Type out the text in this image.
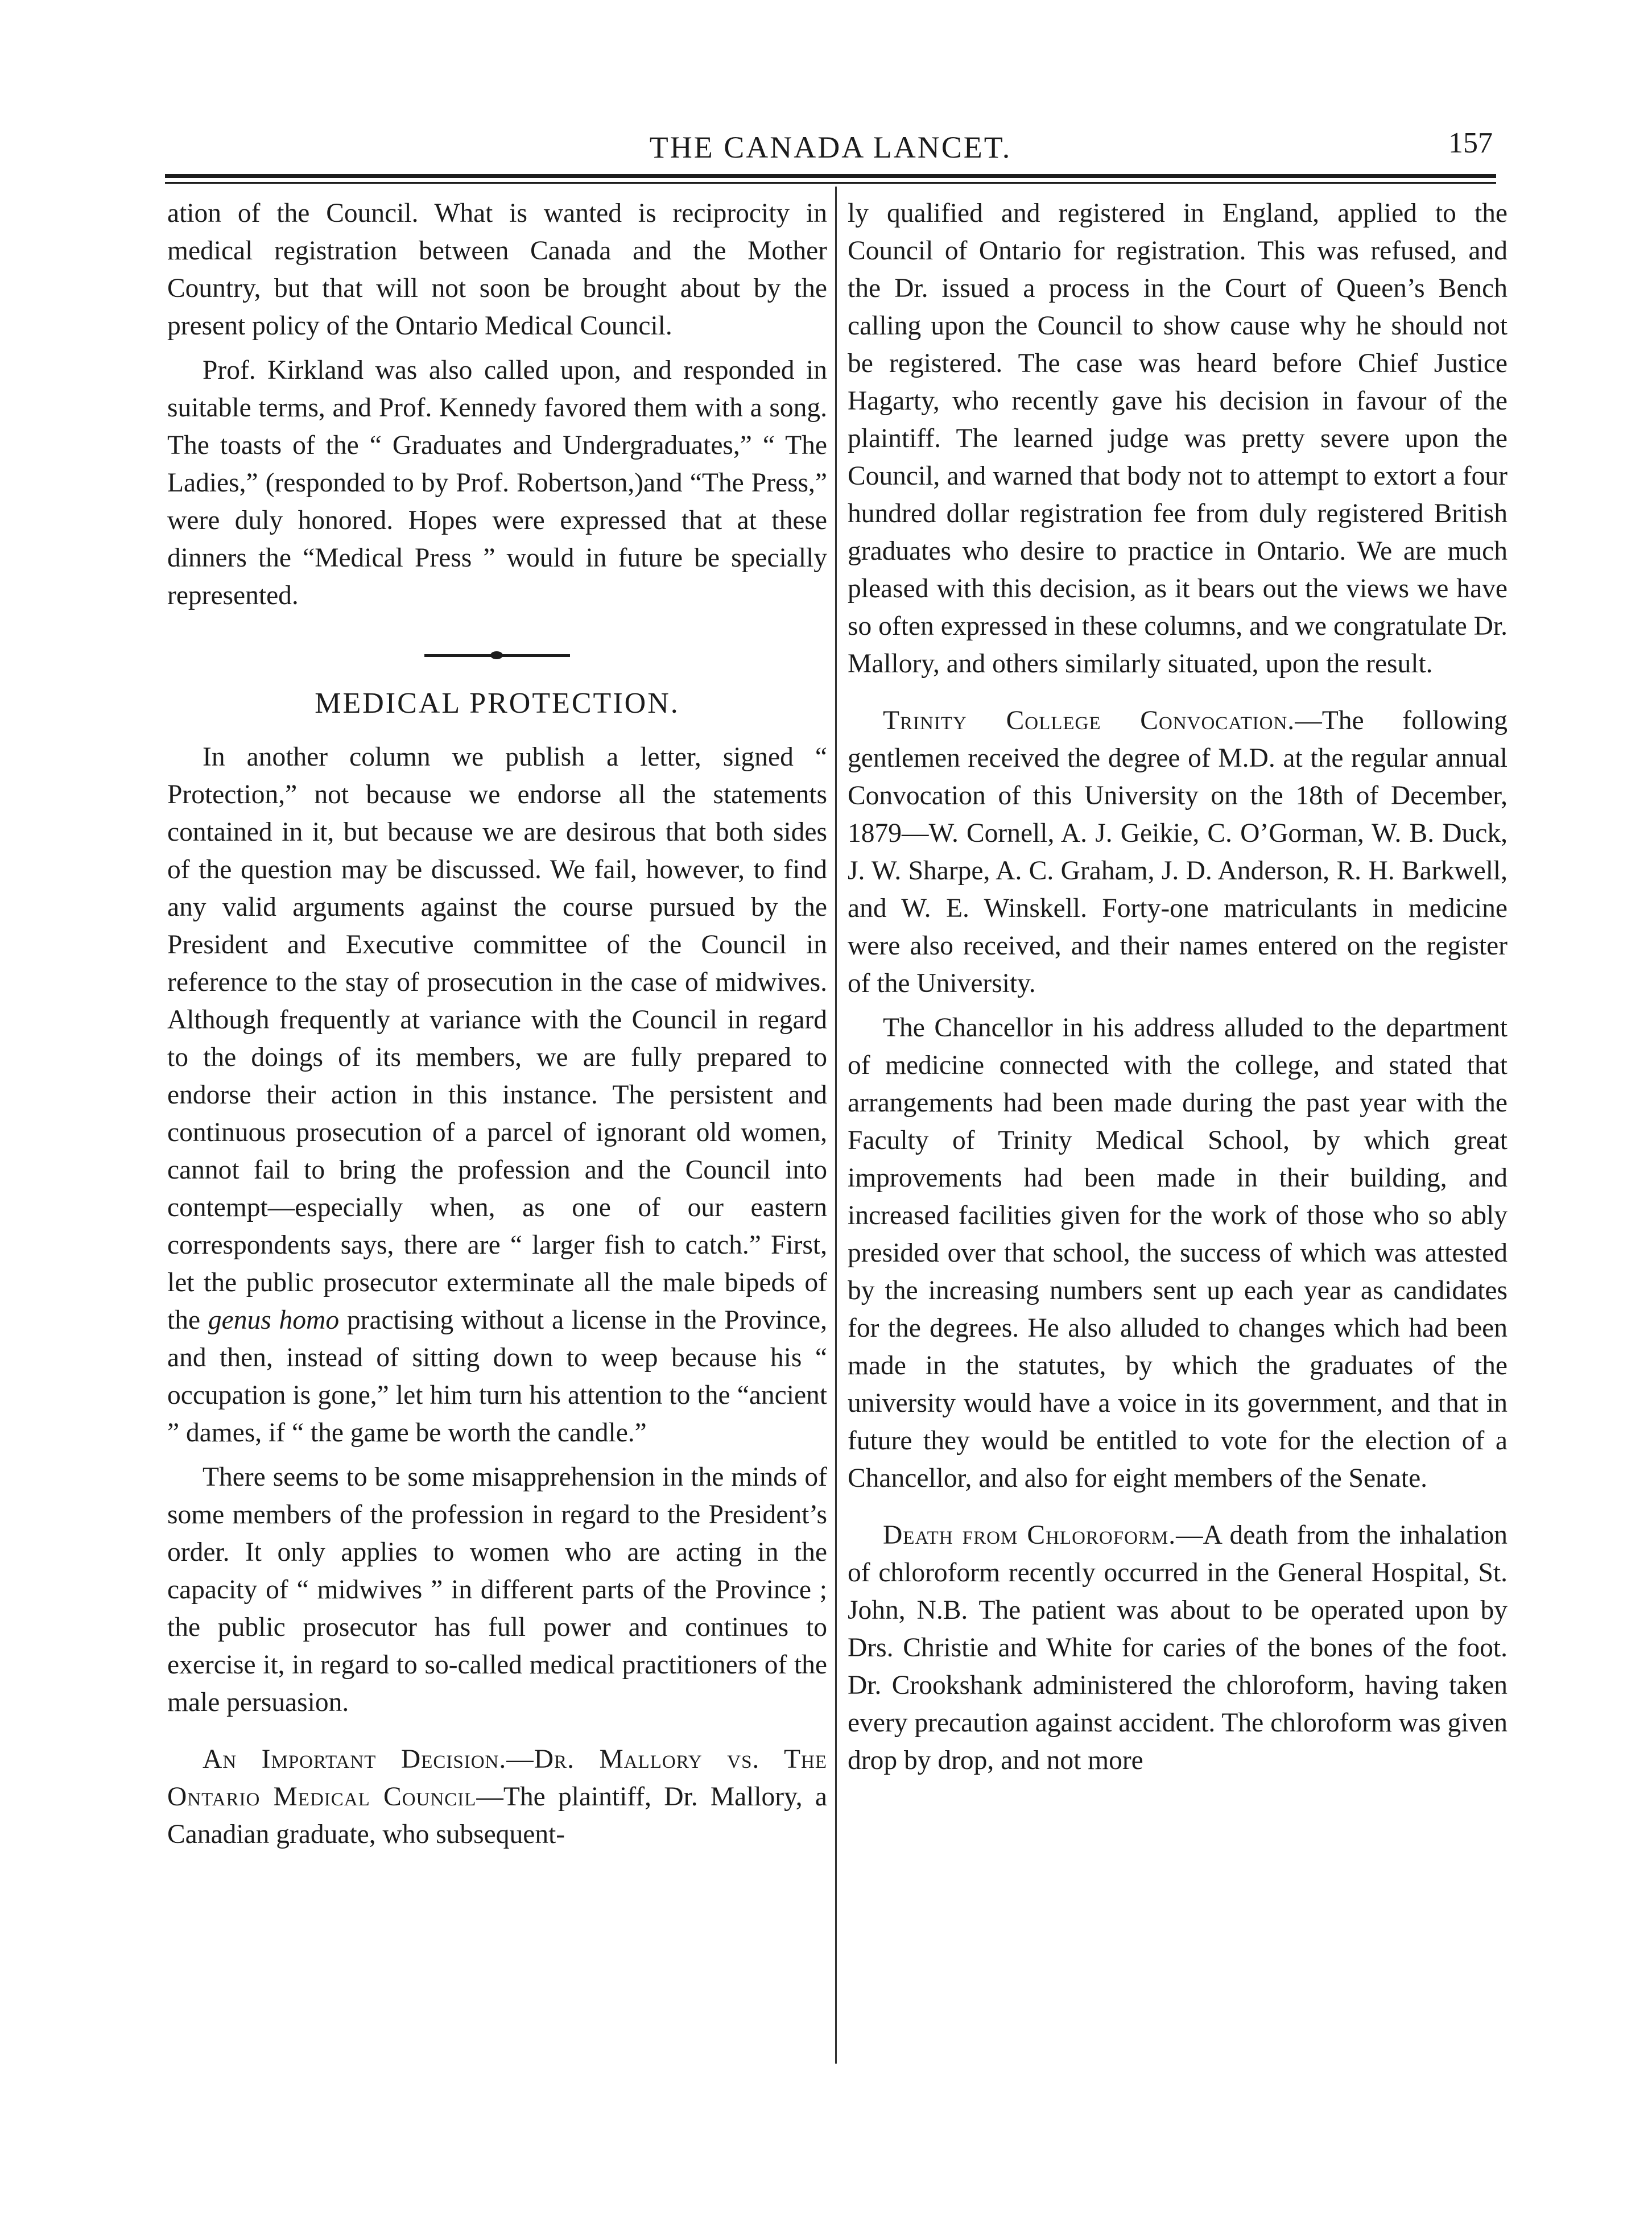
THE CANADA LANCET.	157

ation of the Council. What is wanted is reciprocity in medical registration between Canada and the Mother Country, but that will not soon be brought about by the present policy of the Ontario Medical Council.

Prof. Kirkland was also called upon, and responded in suitable terms, and Prof. Kennedy favored them with a song. The toasts of the “ Graduates and Undergraduates,” “ The Ladies,” (responded to by Prof. Robertson,)and “The Press,” were duly honored. Hopes were expressed that at these dinners the “Medical Press ” would in future be specially represented.

MEDICAL PROTECTION.

In another column we publish a letter, signed “ Protection,” not because we endorse all the statements contained in it, but because we are desirous that both sides of the question may be discussed. We fail, however, to find any valid arguments against the course pursued by the President and Executive committee of the Council in reference to the stay of prosecution in the case of midwives. Although frequently at variance with the Council in regard to the doings of its members, we are fully prepared to endorse their action in this instance. The persistent and continuous prosecution of a parcel of ignorant old women, cannot fail to bring the profession and the Council into contempt—especially when, as one of our eastern correspondents says, there are “ larger fish to catch.” First, let the public prosecutor exterminate all the male bipeds of the genus homo practising without a license in the Province, and then, instead of sitting down to weep because his “ occupation is gone,” let him turn his attention to the “ancient ” dames, if “ the game be worth the candle.”

There seems to be some misapprehension in the minds of some members of the profession in regard to the President’s order. It only applies to women who are acting in the capacity of “ midwives ” in different parts of the Province ; the public prosecutor has full power and continues to exercise it, in regard to so-called medical practitioners of the male persuasion.

An Important Decision.—Dr. Mallory vs. The Ontario Medical Council—The plaintiff, Dr. Mallory, a Canadian graduate, who subsequent-

ly qualified and registered in England, applied to the Council of Ontario for registration. This was refused, and the Dr. issued a process in the Court of Queen’s Bench calling upon the Council to show cause why he should not be registered. The case was heard before Chief Justice Hagarty, who recently gave his decision in favour of the plaintiff. The learned judge was pretty severe upon the Council, and warned that body not to attempt to extort a four hundred dollar registration fee from duly registered British graduates who desire to practice in Ontario. We are much pleased with this decision, as it bears out the views we have so often expressed in these columns, and we congratulate Dr. Mallory, and others similarly situated, upon the result.

Trinity College Convocation.—The following gentlemen received the degree of M.D. at the regular annual Convocation of this University on the 18th of December, 1879—W. Cornell, A. J. Geikie, C. O’Gorman, W. B. Duck, J. W. Sharpe, A. C. Graham, J. D. Anderson, R. H. Barkwell, and W. E. Winskell. Forty-one matriculants in medicine were also received, and their names entered on the register of the University.

The Chancellor in his address alluded to the department of medicine connected with the college, and stated that arrangements had been made during the past year with the Faculty of Trinity Medical School, by which great improvements had been made in their building, and increased facilities given for the work of those who so ably presided over that school, the success of which was attested by the increasing numbers sent up each year as candidates for the degrees. He also alluded to changes which had been made in the statutes, by which the graduates of the university would have a voice in its government, and that in future they would be entitled to vote for the election of a Chancellor, and also for eight members of the Senate.

Death from Chloroform.—A death from the inhalation of chloroform recently occurred in the General Hospital, St. John, N.B. The patient was about to be operated upon by Drs. Christie and White for caries of the bones of the foot. Dr. Crookshank administered the chloroform, having taken every precaution against accident. The chloroform was given drop by drop, and not more
